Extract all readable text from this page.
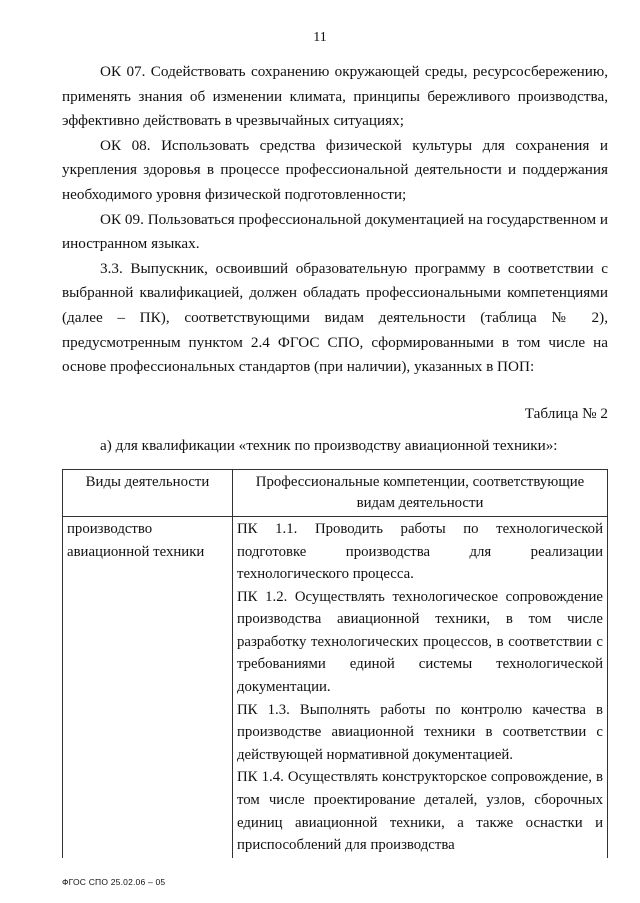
11

ОК 07. Содействовать сохранению окружающей среды, ресурсосбережению, применять знания об изменении климата, принципы бережливого производства, эффективно действовать в чрезвычайных ситуациях;

ОК 08. Использовать средства физической культуры для сохранения и укрепления здоровья в процессе профессиональной деятельности и поддержания необходимого уровня физической подготовленности;

ОК 09. Пользоваться профессиональной документацией на государственном и иностранном языках.

3.3. Выпускник, освоивший образовательную программу в соответствии с выбранной квалификацией, должен обладать профессиональными компетенциями (далее – ПК), соответствующими видам деятельности (таблица № 2), предусмотренным пунктом 2.4 ФГОС СПО, сформированными в том числе на основе профессиональных стандартов (при наличии), указанных в ПОП:

Таблица № 2

а) для квалификации «техник по производству авиационной техники»:

Виды деятельности	Профессиональные компетенции, соответствующие видам деятельности
производство авиационной техники	ПК 1.1. Проводить работы по технологической подготовке производства для реализации технологического процесса.

ПК 1.2. Осуществлять технологическое сопровождение производства авиационной техники, в том числе разработку технологических процессов, в соответствии с требованиями единой системы технологической документации.

ПК 1.3. Выполнять работы по контролю качества в производстве авиационной техники в соответствии с действующей нормативной документацией.

ПК 1.4. Осуществлять конструкторское сопровождение, в том числе проектирование деталей, узлов, сборочных единиц авиационной техники, а также оснастки и приспособлений для производства

ФГОС СПО 25.02.06 – 05
